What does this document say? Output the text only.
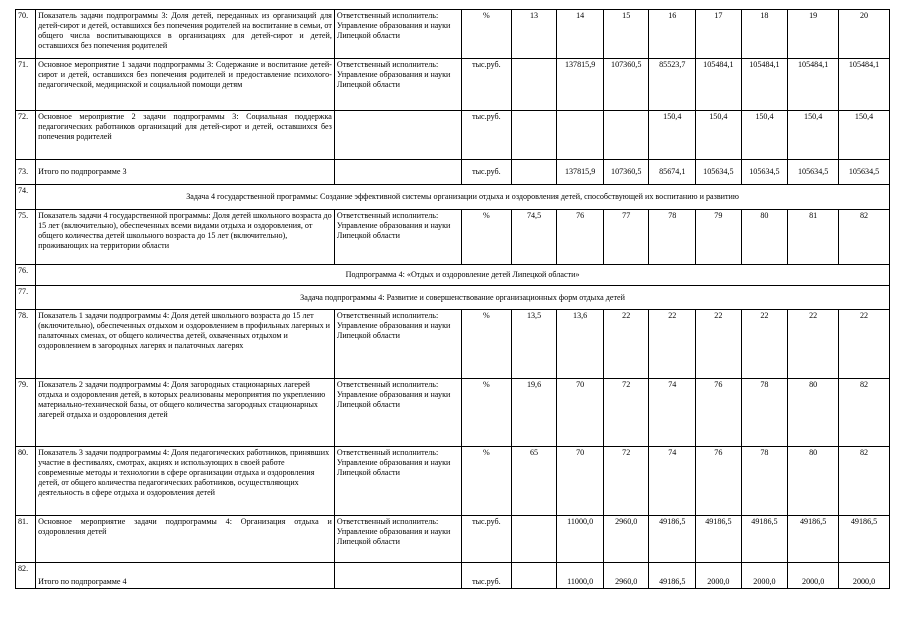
70.	Показатель задачи подпрограммы 3: Доля детей, переданных из организаций для детей-сирот и детей, оставшихся без попечения родителей на воспитание в семьи, от общего числа воспитывающихся в организациях для детей-сирот и детей, оставшихся без попечения родителей	Ответственный исполнитель: Управление образования и науки Липецкой области	%	13	14	15	16	17	18	19	20
71.	Основное мероприятие 1 задачи подпрограммы 3: Содержание и воспитание детей-сирот и детей, оставшихся без попечения родителей и предоставление психолого-педагогической, медицинской и социальной помощи детям	Ответственный исполнитель: Управление образования и науки Липецкой области	тыс.руб.		137815,9	107360,5	85523,7	105484,1	105484,1	105484,1	105484,1
72.	Основное мероприятие 2 задачи подпрограммы 3: Социальная поддержка педагогических работников организаций для детей-сирот и детей, оставшихся без попечения родителей		тыс.руб.				150,4	150,4	150,4	150,4	150,4
73.	Итого по подпрограмме 3		тыс.руб.		137815,9	107360,5	85674,1	105634,5	105634,5	105634,5	105634,5
74.	Задача 4 государственной программы: Создание эффективной системы организации отдыха и оздоровления детей, способствующей их воспитанию и развитию										
75.	Показатель задачи 4 государственной программы: Доля детей школьного возраста до 15 лет (включительно), обеспеченных всеми видами отдыха и оздоровления, от общего количества детей школьного возраста до 15 лет (включительно), проживающих на территории области	Ответственный исполнитель: Управление образования и науки Липецкой области	%	74,5	76	77	78	79	80	81	82
76.	Подпрограмма 4: «Отдых и оздоровление детей Липецкой области»										
77.	Задача подпрограммы 4: Развитие и совершенствование организационных форм отдыха детей										
78.	Показатель 1 задачи подпрограммы 4: Доля детей школьного возраста до 15 лет (включительно), обеспеченных отдыхом и оздоровлением в профильных лагерных и палаточных сменах, от общего количества детей, охваченных отдыхом и оздоровлением в загородных лагерях и палаточных лагерях	Ответственный исполнитель: Управление образования и науки Липецкой области	%	13,5	13,6	22	22	22	22	22	22
79.	Показатель 2 задачи подпрограммы 4: Доля загородных стационарных лагерей отдыха и оздоровления детей, в которых реализованы мероприятия по укреплению материально-технической базы, от общего количества загородных стационарных лагерей отдыха и оздоровления детей	Ответственный исполнитель: Управление образования и науки Липецкой области	%	19,6	70	72	74	76	78	80	82
80.	Показатель 3 задачи подпрограммы 4: Доля педагогических работников, принявших участие в фестивалях, смотрах, акциях и использующих в своей работе современные методы и технологии в сфере организации отдыха и оздоровления детей, от общего количества педагогических работников, осуществляющих деятельность в сфере отдыха и оздоровления детей	Ответственный исполнитель: Управление образования и науки Липецкой области	%	65	70	72	74	76	78	80	82
81.	Основное мероприятие задачи подпрограммы 4: Организация отдыха и оздоровления детей	Ответственный исполнитель: Управление образования и науки Липецкой области	тыс.руб.		11000,0	2960,0	49186,5	49186,5	49186,5	49186,5	49186,5
82.	Итого по подпрограмме 4		тыс.руб.		11000,0	2960,0	49186,5	2000,0	2000,0	2000,0	2000,0
